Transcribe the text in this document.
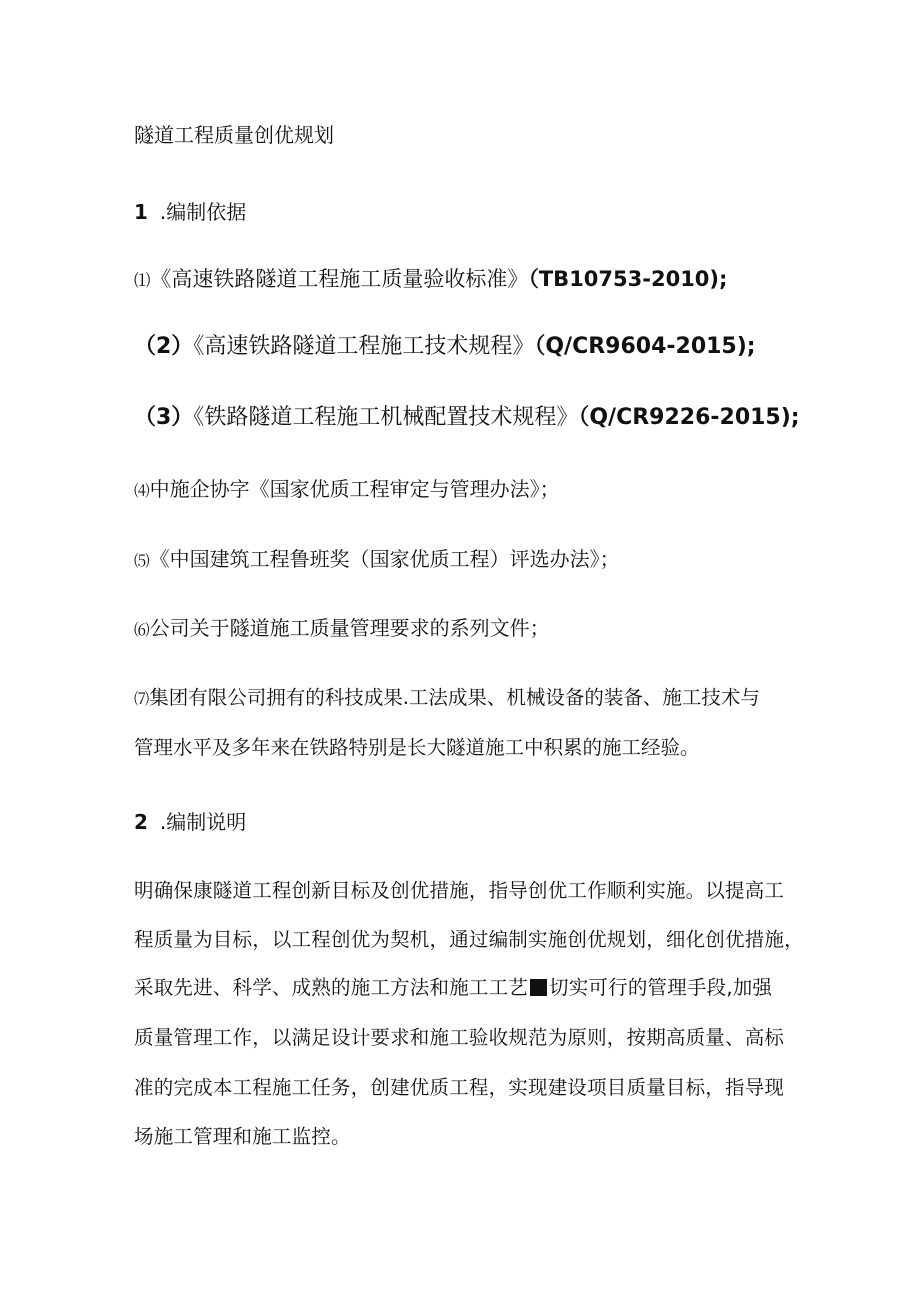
隧道工程质量创优规划
1 .编制依据
⑴《高速铁路隧道工程施工质量验收标准》（TB10753-2010);
（2）《高速铁路隧道工程施工技术规程》（Q/CR9604-2015);
（3）《铁路隧道工程施工机械配置技术规程》（Q/CR9226-2015);
⑷中施企协字《国家优质工程审定与管理办法》；
⑸《中国建筑工程鲁班奖（国家优质工程）评选办法》；
⑹公司关于隧道施工质量管理要求的系列文件；
⑺集团有限公司拥有的科技成果.工法成果、机械设备的装备、施工技术与
管理水平及多年来在铁路特别是长大隧道施工中积累的施工经验。
2 .编制说明
明确保康隧道工程创新目标及创优措施，指导创优工作顺利实施。以提高工
程质量为目标，以工程创优为契机，通过编制实施创优规划，细化创优措施，
采取先进、科学、成熟的施工方法和施工工艺 切实可行的管理手段,加强
质量管理工作，以满足设计要求和施工验收规范为原则，按期高质量、高标
准的完成本工程施工任务，创建优质工程，实现建设项目质量目标，指导现
场施工管理和施工监控。
